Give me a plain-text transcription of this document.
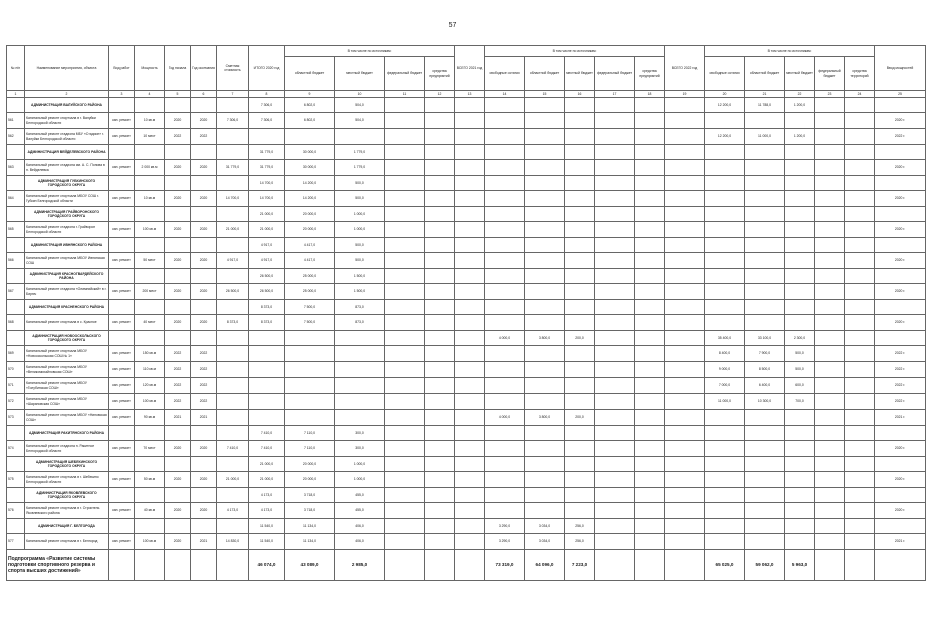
57
№ п/п	Наименование мероприятия, объекта	Вид работ	Мощность	Год начала	Год окончания	Сметная стоимость	ИТОГО 2020 год	В том числе по источникам:				ВСЕГО 2021 год	В том числе по источникам:					ВСЕГО 2022 год	В том числе по источникам:					Ввод мощностей
								областной бюджет	местный бюджет	федеральный бюджет	средства предприятий		свободные остатки	областной бюджет	местный бюджет	федеральный бюджет	средства предприятий		свободные остатки	областной бюджет	местный бюджет	федеральный бюджет	средства территорий	
1	2	3	4	5	6	7	8	9	10	11	12	13	14	15	16	17	18	19	20	21	22	23	24	25
	АДМИНИСТРАЦИЯ ВАЛУЙСКОГО РАЙОНА						7 306,0	6 802,0	504,0										12 200,0	11 788,0	1 200,0			
561	Капитальный ремонт спортзала в г. Валуйки Белгородской области	кап. ремонт	10 кв.м	2020	2020	7 306,0	7 306,0	6 802,0	504,0															2020 г.
562	Капитальный ремонт стадиона МБУ «Стадион» г. Валуйки Белгородской области	кап. ремонт	10 мест	2022	2022														12 200,0	11 000,0	1 200,0			2022 г.
	АДМИНИСТРАЦИЯ ВЕЙДЕЛЕВСКОГО РАЙОНА						31 779,0	30 000,0	1 779,0															
563	Капитальный ремонт стадиона им. А. С. Попова в п. Вейделевка	кап. ремонт	2 000 кв.м	2020	2020	31 779,0	31 779,0	30 000,0	1 779,0															2020 г.
	АДМИНИСТРАЦИЯ ГУБКИНСКОГО ГОРОДСКОГО ОКРУГА						14 700,0	14 200,0	500,0															
564	Капитальный ремонт спортзала МБОУ СОШ г. Губкин Белгородской области	кап. ремонт	10 кв.м	2020	2020	14 700,0	14 700,0	14 200,0	500,0															2020 г.
	АДМИНИСТРАЦИЯ ГРАЙВОРОНСКОГО ГОРОДСКОГО ОКРУГА						21 000,0	20 000,0	1 000,0															
565	Капитальный ремонт стадиона г. Грайворон Белгородской области	кап. ремонт	100 кв.м	2020	2020	21 000,0	21 000,0	20 000,0	1 000,0															2020 г.
	АДМИНИСТРАЦИЯ ИВНЯНСКОГО РАЙОНА						4 917,0	4 417,0	500,0															
566	Капитальный ремонт спортзала МБОУ Ивнянская СОШ	кап. ремонт	50 мест	2020	2020	4 917,0	4 917,0	4 417,0	500,0															2020 г.
	АДМИНИСТРАЦИЯ КРАСНОГВАРДЕЙСКОГО РАЙОНА						26 500,0	25 000,0	1 500,0															
567	Капитальный ремонт стадиона «Олимпийский» в г. Бирюч	кап. ремонт	200 мест	2020	2020	26 500,0	26 500,0	25 000,0	1 500,0															2020 г.
	АДМИНИСТРАЦИЯ КРАСНЕНСКОГО РАЙОНА						8 373,0	7 500,0	873,0															
568	Капитальный ремонт спортзала в с. Красное	кап. ремонт	40 мест	2020	2020	8 373,0	8 373,0	7 500,0	873,0															2020 г.
	АДМИНИСТРАЦИЯ НОВООСКОЛЬСКОГО ГОРОДСКОГО ОКРУГА												4 000,0	3 800,0	200,0				35 400,0	33 100,0	2 300,0			
569	Капитальный ремонт спортзала МБОУ «Новооскольская СОШ № 1»	кап. ремонт	150 кв.м	2022	2022														8 400,0	7 900,0	500,0			2022 г.
570	Капитальный ремонт спортзала МБОУ «Великомихайловская СОШ»	кап. ремонт	110 кв.м	2022	2022														9 000,0	8 500,0	500,0			2022 г.
571	Капитальный ремонт спортзала МБОУ «Голубинская СОШ»	кап. ремонт	120 кв.м	2022	2022														7 000,0	6 400,0	600,0			2022 г.
572	Капитальный ремонт спортзала МБОУ «Шараповская СОШ»	кап. ремонт	100 кв.м	2022	2022														11 000,0	10 300,0	700,0			2022 г.
573	Капитальный ремонт спортзала МБОУ «Ниновская СОШ»	кап. ремонт	90 кв.м	2021	2021								4 000,0	3 800,0	200,0									2021 г.
	АДМИНИСТРАЦИЯ РАКИТЯНСКОГО РАЙОНА						7 410,0	7 110,0	300,0															
574	Капитальный ремонт стадиона п. Ракитное Белгородской области	кап. ремонт	70 мест	2020	2020	7 410,0	7 410,0	7 110,0	300,0															2020 г.
	АДМИНИСТРАЦИЯ ШЕБЕКИНСКОГО ГОРОДСКОГО ОКРУГА						21 000,0	20 000,0	1 000,0															
575	Капитальный ремонт спортзала в г. Шебекино Белгородской области	кап. ремонт	50 кв.м	2020	2020	21 000,0	21 000,0	20 000,0	1 000,0															2020 г.
	АДМИНИСТРАЦИЯ ЯКОВЛЕВСКОГО ГОРОДСКОГО ОКРУГА						4 173,0	3 718,0	455,0															
576	Капитальный ремонт спортзала в г. Строитель Яковлевского района	кап. ремонт	40 кв.м	2020	2020	4 173,0	4 173,0	3 718,0	455,0															2020 г.
	АДМИНИСТРАЦИЯ Г. БЕЛГОРОДА						11 540,0	11 134,0	406,0				3 290,0	3 034,0	256,0									
577	Капитальный ремонт спортзала в г. Белгород	кап. ремонт	100 кв.м	2020	2021	14 830,0	11 540,0	11 134,0	406,0				3 290,0	3 034,0	256,0									2021 г.
Подпрограмма «Развитие системы подготовки спортивного резерва и спорта высших достижений»							46 074,0	43 089,0	2 985,0				73 319,0	64 096,0	7 223,0				65 025,0	59 062,0	5 963,0			
